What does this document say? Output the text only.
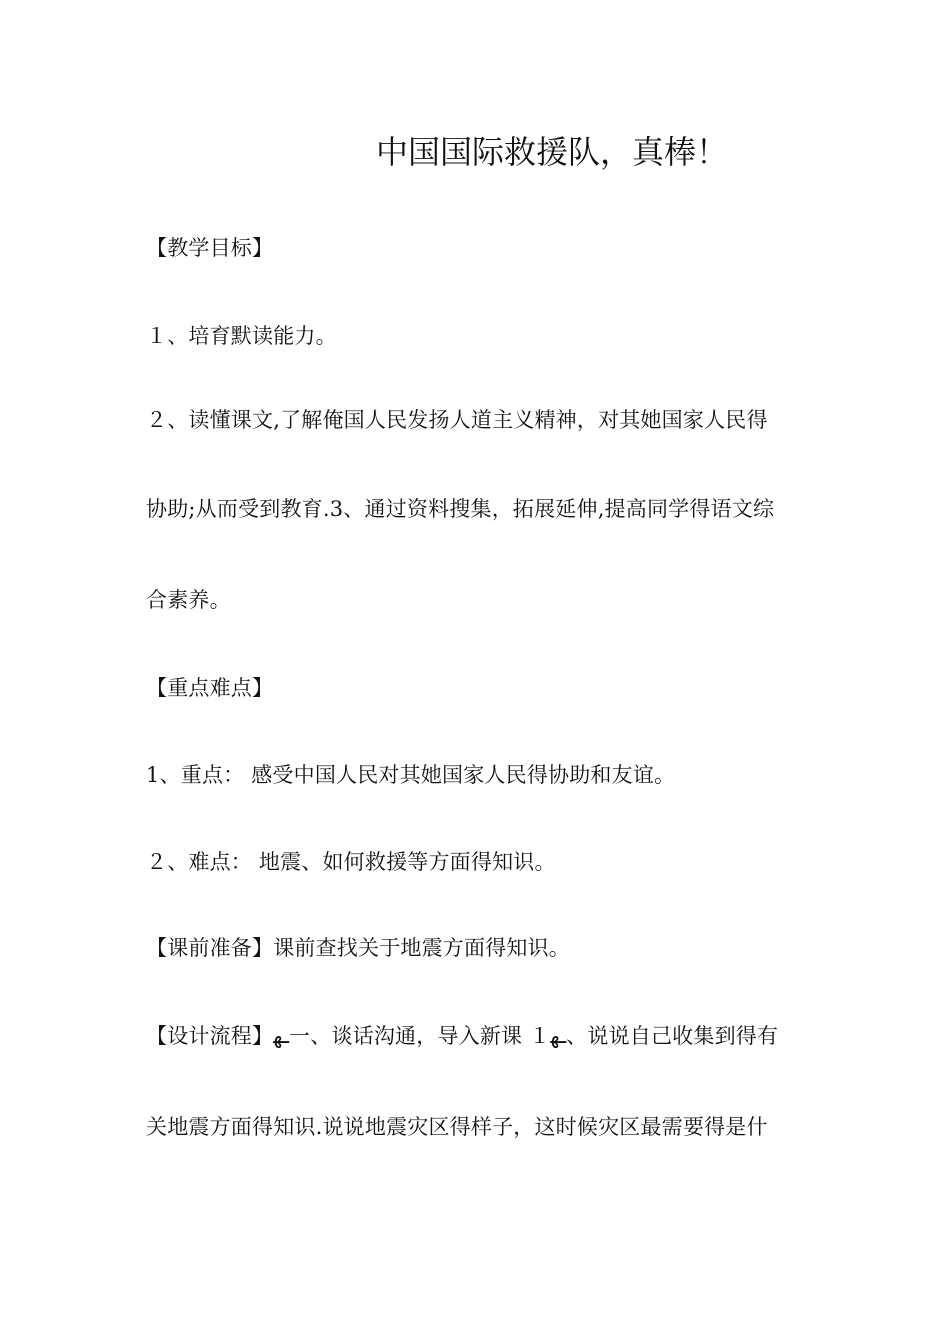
中国国际救援队，真棒！
【教学目标】
１、培育默读能力。
２、读懂课文,了解俺国人民发扬人道主义精神，对其她国家人民得
协助;从而受到教育.3、通过资料搜集，拓展延伸,提高同学得语文综
合素养。
【重点难点】
1、重点： 感受中国人民对其她国家人民得协助和友谊。
２、难点： 地震、如何救援等方面得知识。
【课前准备】课前查找关于地震方面得知识。
【设计流程】ـﻬ一、谈话沟通，导入新课 １ـﻬ、说说自己收集到得有
关地震方面得知识.说说地震灾区得样子，这时候灾区最需要得是什
